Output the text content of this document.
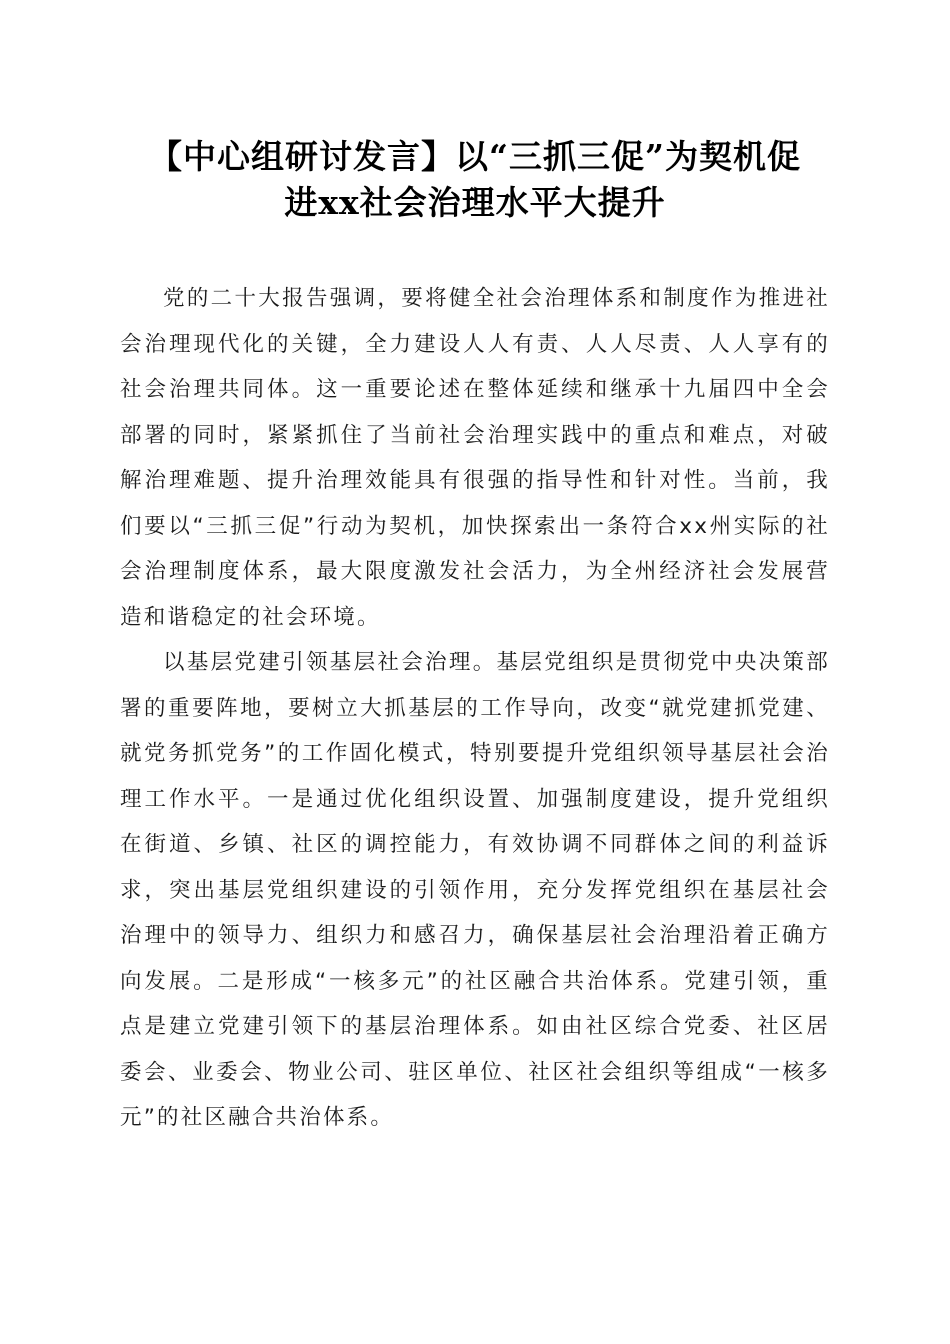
【中心组研讨发言】以“三抓三促”为契机促
进xx社会治理水平大提升

党的二十大报告强调，要将健全社会治理体系和制度作为推进社会治理现代化的关键，全力建设人人有责、人人尽责、人人享有的社会治理共同体。这一重要论述在整体延续和继承十九届四中全会部署的同时，紧紧抓住了当前社会治理实践中的重点和难点，对破解治理难题、提升治理效能具有很强的指导性和针对性。当前，我们要以“三抓三促”行动为契机，加快探索出一条符合xx州实际的社会治理制度体系，最大限度激发社会活力，为全州经济社会发展营造和谐稳定的社会环境。

以基层党建引领基层社会治理。基层党组织是贯彻党中央决策部署的重要阵地，要树立大抓基层的工作导向，改变“就党建抓党建、就党务抓党务”的工作固化模式，特别要提升党组织领导基层社会治理工作水平。一是通过优化组织设置、加强制度建设，提升党组织在街道、乡镇、社区的调控能力，有效协调不同群体之间的利益诉求，突出基层党组织建设的引领作用，充分发挥党组织在基层社会治理中的领导力、组织力和感召力，确保基层社会治理沿着正确方向发展。二是形成“一核多元”的社区融合共治体系。党建引领，重点是建立党建引领下的基层治理体系。如由社区综合党委、社区居委会、业委会、物业公司、驻区单位、社区社会组织等组成“一核多元”的社区融合共治体系。
